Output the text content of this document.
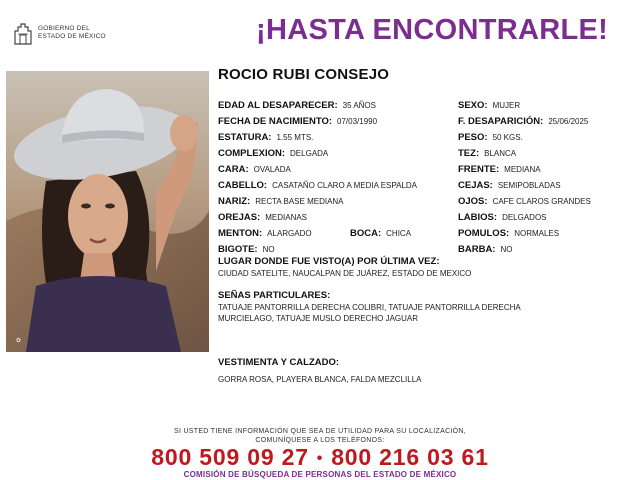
GOBIERNO DEL
ESTADO DE MÉXICO	¡HASTA ENCONTRARLE!
✿
ROCIO RUBI CONSEJO
EDAD AL DESAPARECER: 35 AÑOS
FECHA DE NACIMIENTO: 07/03/1990
ESTATURA: 1.55 MTS.
COMPLEXION: DELGADA
CARA: OVALADA
CABELLO: CASATAÑO CLARO A MEDIA ESPALDA
NARIZ: RECTA BASE MEDIANA
OREJAS: MEDIANAS
MENTON: ALARGADO	BOCA: CHICA
BIGOTE: NO
SEXO: MUJER
F. DESAPARICIÓN: 25/06/2025
PESO: 50 KGS.
TEZ: BLANCA
FRENTE: MEDIANA
CEJAS: SEMIPOBLADAS
OJOS: CAFE CLAROS GRANDES
LABIOS: DELGADOS
POMULOS: NORMALES
BARBA: NO
LUGAR DONDE FUE VISTO(A) POR ÚLTIMA VEZ:
CIUDAD SATELITE, NAUCALPAN DE JUÁREZ, ESTADO DE MEXICO
SEÑAS PARTICULARES:
TATUAJE PANTORRILLA DERECHA COLIBRI, TATUAJE PANTORRILLA DERECHA
MURCIELAGO, TATUAJE MUSLO DERECHO JAGUAR
VESTIMENTA Y CALZADO:
GORRA ROSA, PLAYERA BLANCA, FALDA MEZCLILLA
SI USTED TIENE INFORMACIÓN QUE SEA DE UTILIDAD PARA SU LOCALIZACIÓN,
COMUNÍQUESE A LOS TELÉFONOS:
800 509 09 27 • 800 216 03 61
COMISIÓN DE BÚSQUEDA DE PERSONAS DEL ESTADO DE MÉXICO
